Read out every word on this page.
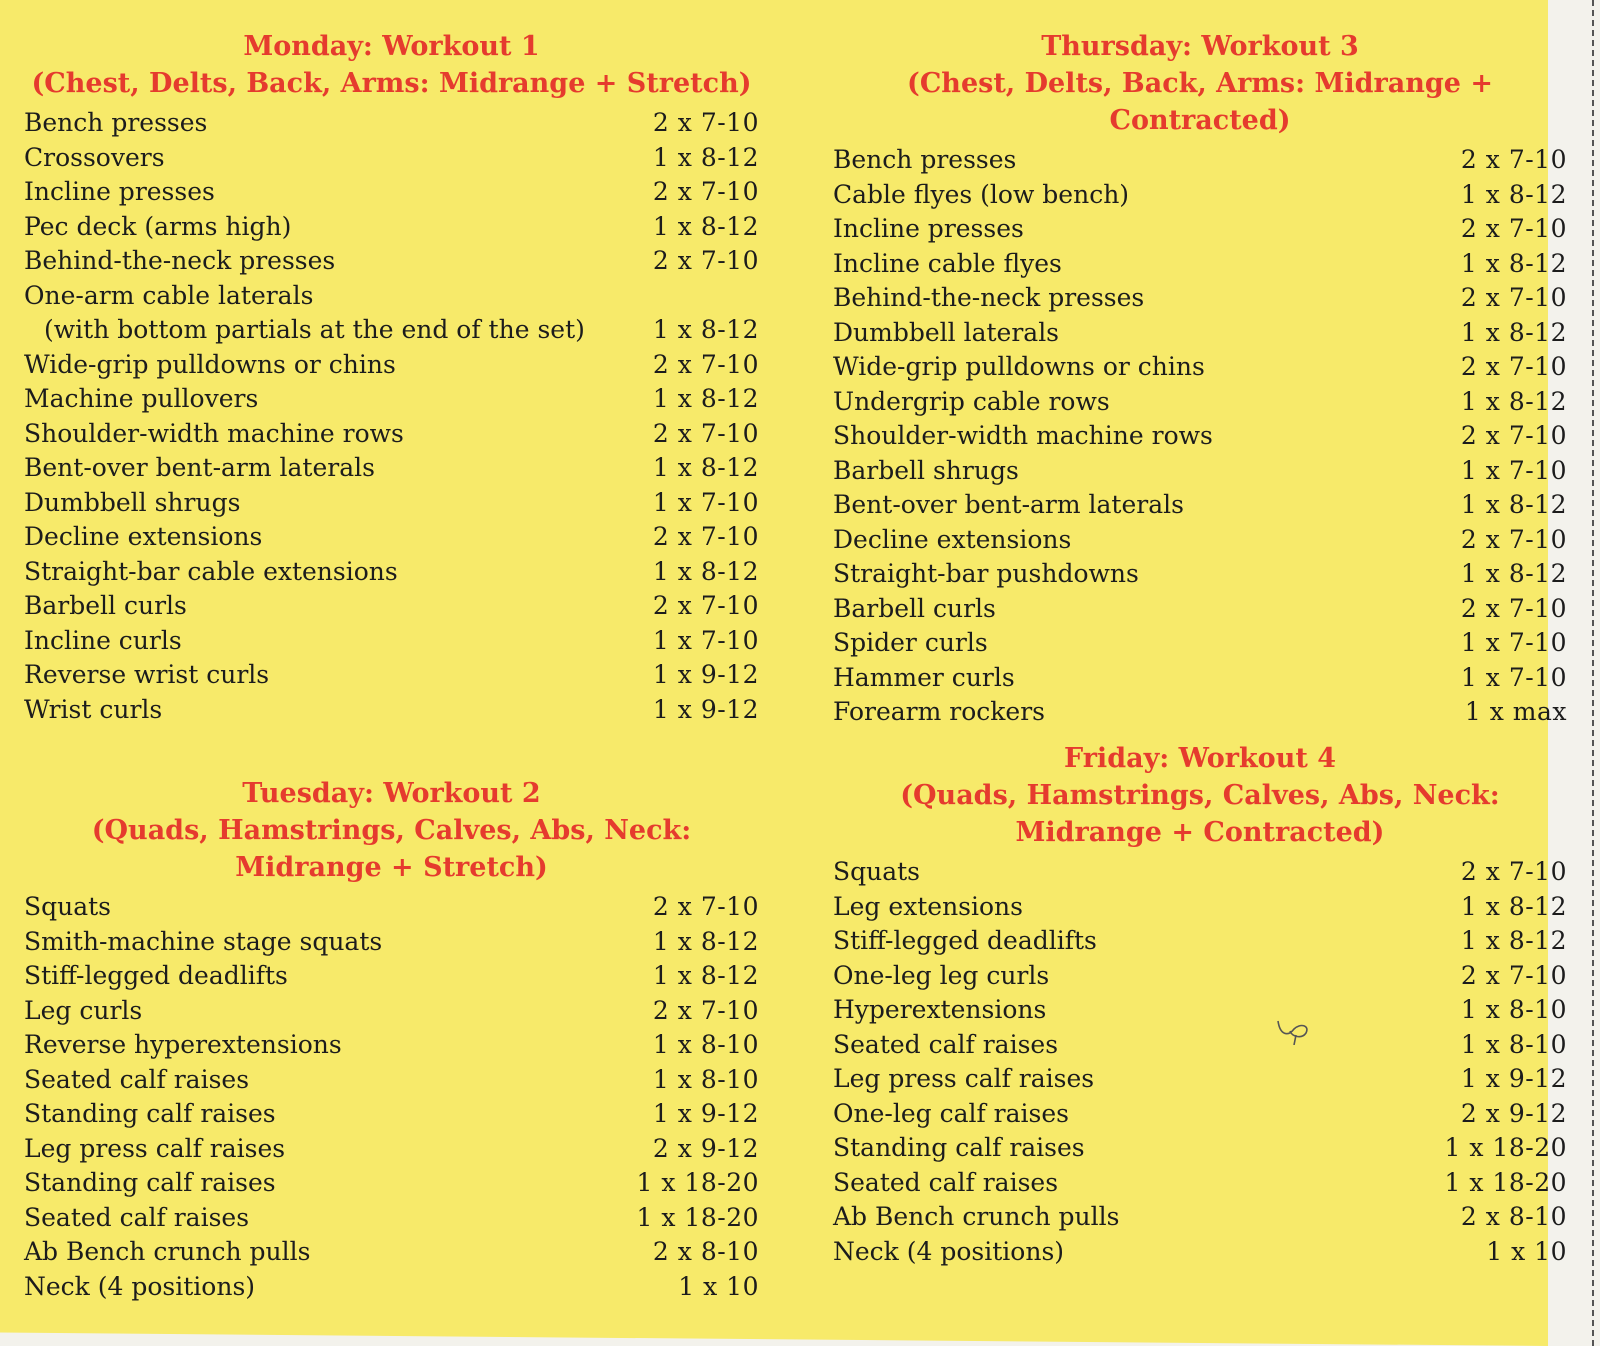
Monday: Workout 1
(Chest, Delts, Back, Arms: Midrange + Stretch)
Bench presses	2 x 7-10
Crossovers	1 x 8-12
Incline presses	2 x 7-10
Pec deck (arms high)	1 x 8-12
Behind-the-neck presses	2 x 7-10
One-arm cable laterals
(with bottom partials at the end of the set)	1 x 8-12
Wide-grip pulldowns or chins	2 x 7-10
Machine pullovers	1 x 8-12
Shoulder-width machine rows	2 x 7-10
Bent-over bent-arm laterals	1 x 8-12
Dumbbell shrugs	1 x 7-10
Decline extensions	2 x 7-10
Straight-bar cable extensions	1 x 8-12
Barbell curls	2 x 7-10
Incline curls	1 x 7-10
Reverse wrist curls	1 x 9-12
Wrist curls	1 x 9-12
Tuesday: Workout 2
(Quads, Hamstrings, Calves, Abs, Neck: Midrange + Stretch)
Squats	2 x 7-10
Smith-machine stage squats	1 x 8-12
Stiff-legged deadlifts	1 x 8-12
Leg curls	2 x 7-10
Reverse hyperextensions	1 x 8-10
Seated calf raises	1 x 8-10
Standing calf raises	1 x 9-12
Leg press calf raises	2 x 9-12
Standing calf raises	1 x 18-20
Seated calf raises	1 x 18-20
Ab Bench crunch pulls	2 x 8-10
Neck (4 positions)	1 x 10
Thursday: Workout 3
(Chest, Delts, Back, Arms: Midrange + Contracted)
Bench presses	2 x 7-10
Cable flyes (low bench)	1 x 8-12
Incline presses	2 x 7-10
Incline cable flyes	1 x 8-12
Behind-the-neck presses	2 x 7-10
Dumbbell laterals	1 x 8-12
Wide-grip pulldowns or chins	2 x 7-10
Undergrip cable rows	1 x 8-12
Shoulder-width machine rows	2 x 7-10
Barbell shrugs	1 x 7-10
Bent-over bent-arm laterals	1 x 8-12
Decline extensions	2 x 7-10
Straight-bar pushdowns	1 x 8-12
Barbell curls	2 x 7-10
Spider curls	1 x 7-10
Hammer curls	1 x 7-10
Forearm rockers	1 x max
Friday: Workout 4
(Quads, Hamstrings, Calves, Abs, Neck: Midrange + Contracted)
Squats	2 x 7-10
Leg extensions	1 x 8-12
Stiff-legged deadlifts	1 x 8-12
One-leg leg curls	2 x 7-10
Hyperextensions	1 x 8-10
Seated calf raises	1 x 8-10
Leg press calf raises	1 x 9-12
One-leg calf raises	2 x 9-12
Standing calf raises	1 x 18-20
Seated calf raises	1 x 18-20
Ab Bench crunch pulls	2 x 8-10
Neck (4 positions)	1 x 10
